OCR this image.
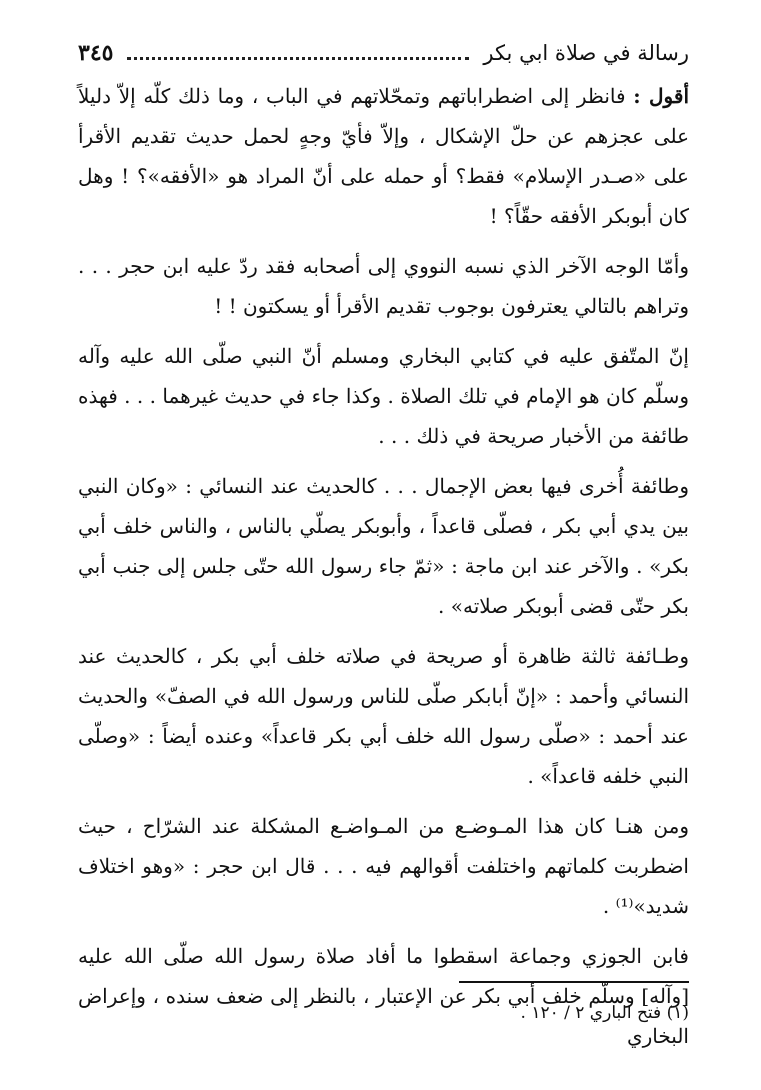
رسالة في صلاة ابي بكر
٣٤٥

أقول : فانظر إلى اضطراباتهم وتمحّلاتهم في الباب ، وما ذلك كلّه إلاّ دليلاً على عجزهم عن حلّ الإشكال ، وإلاّ فأيّ وجهٍ لحمل حديث تقديم الأقرأ على «صـدر الإسلام» فقط؟ أو حمله على أنّ المراد هو «الأفقه»؟ ! وهل كان أبوبكر الأفقه حقّاً؟ !

وأمّا الوجه الآخر الذي نسبه النووي إلى أصحابه فقد ردّ عليه ابن حجر . . . وتراهم بالتالي يعترفون بوجوب تقديم الأقرأ أو يسكتون ! !

إنّ المتّفق عليه في كتابي البخاري ومسلم أنّ النبي صلّى الله عليه وآله وسلّم كان هو الإمام في تلك الصلاة . وكذا جاء في حديث غيرهما . . . فهذه طائفة من الأخبار صريحة في ذلك . . .

وطائفة أُخرى فيها بعض الإجمال . . . كالحديث عند النسائي : «وكان النبي بين يدي أبي بكر ، فصلّى قاعداً ، وأبوبكر يصلّي بالناس ، والناس خلف أبي بكر» . والآخر عند ابن ماجة : «ثمّ جاء رسول الله حتّى جلس إلى جنب أبي بكر حتّى قضى أبوبكر صلاته» .

وطـائفة ثالثة ظاهرة أو صريحة في صلاته خلف أبي بكر ، كالحديث عند النسائي وأحمد : «إنّ أبابكر صلّى للناس ورسول الله في الصفّ» والحديث عند أحمد : «صلّى رسول الله خلف أبي بكر قاعداً» وعنده أيضاً : «وصلّى النبي خلفه قاعداً» .

ومن هنـا كان هذا المـوضـع من المـواضـع المشكلة عند الشرّاح ، حيث اضطربت كلماتهم واختلفت أقوالهم فيه . . . قال ابن حجر : «وهو اختلاف شديد»⁽¹⁾ .

فابن الجوزي وجماعة اسقطوا ما أفاد صلاة رسول الله صلّى الله عليه [وآله] وسلّم خلف أبي بكر عن الإعتبار ، بالنظر إلى ضعف سنده ، وإعراض البخاري

(١) فتح الباري ٢ / ١٢٠ .
